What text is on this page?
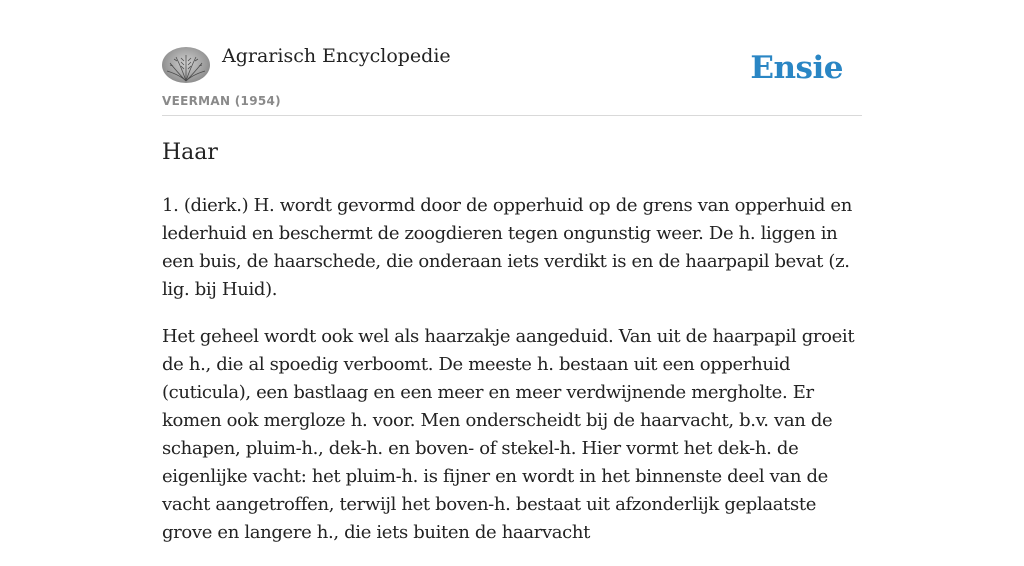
Agrarisch Encyclopedie
VEERMAN (1954)
Ensie
Haar

1. (dierk.) H. wordt gevormd door de opperhuid op de grens van opperhuid en lederhuid en beschermt de zoogdieren tegen ongunstig weer. De h. liggen in een buis, de haarschede, die onderaan iets verdikt is en de haarpapil bevat (z. lig. bij Huid).

Het geheel wordt ook wel als haarzakje aangeduid. Van uit de haarpapil groeit de h., die al spoedig verboomt. De meeste h. bestaan uit een opperhuid (cuticula), een bastlaag en een meer en meer verdwijnende mergholte. Er komen ook mergloze h. voor. Men onderscheidt bij de haarvacht, b.v. van de schapen, pluim-h., dek-h. en boven- of stekel-h. Hier vormt het dek-h. de eigenlijke vacht: het pluim-h. is fijner en wordt in het binnenste deel van de vacht aangetroffen, terwijl het boven-h. bestaat uit afzonderlijk geplaatste grove en langere h., die iets buiten de haarvacht
